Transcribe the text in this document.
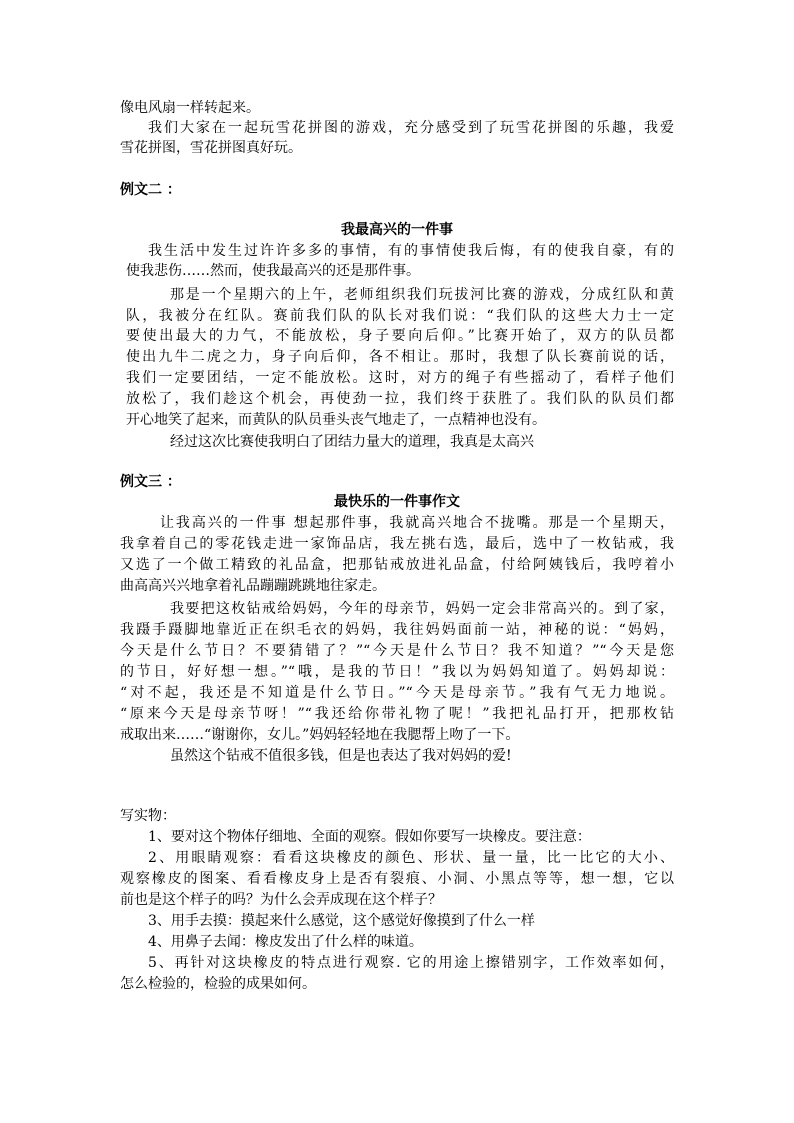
像电风扇一样转起来。
我们大家在一起玩雪花拼图的游戏，充分感受到了玩雪花拼图的乐趣，我爱
雪花拼图，雪花拼图真好玩。
例文二 ：
我最高兴的一件事
我生活中发生过许许多多的事情，有的事情使我后悔，有的使我自豪，有的
使我悲伤……然而，使我最高兴的还是那件事。
那是一个星期六的上午，老师组织我们玩拔河比赛的游戏，分成红队和黄
队，我被分在红队。赛前我们队的队长对我们说：“我们队的这些大力士一定
要使出最大的力气，不能放松，身子要向后仰。”比赛开始了，双方的队员都
使出九牛二虎之力，身子向后仰，各不相让。那时，我想了队长赛前说的话，
我们一定要团结，一定不能放松。这时，对方的绳子有些摇动了，看样子他们
放松了，我们趁这个机会，再使劲一拉，我们终于获胜了。我们队的队员们都
开心地笑了起来，而黄队的队员垂头丧气地走了，一点精神也没有。
经过这次比赛使我明白了团结力量大的道理，我真是太高兴
例文三 ：
最快乐的一件事作文
让我高兴的一件事 想起那件事，我就高兴地合不拢嘴。那是一个星期天，
我拿着自己的零花钱走进一家饰品店，我左挑右选，最后，选中了一枚钻戒，我
又选了一个做工精致的礼品盒，把那钻戒放进礼品盒，付给阿姨钱后，我哼着小
曲高高兴兴地拿着礼品蹦蹦跳跳地往家走。
我要把这枚钻戒给妈妈，今年的母亲节，妈妈一定会非常高兴的。到了家，
我蹑手蹑脚地靠近正在织毛衣的妈妈，我往妈妈面前一站，神秘的说：“妈妈，
今天是什么节日？不要猜错了？”“今天是什么节日？我不知道？”“今天是您
的节日，好好想一想。”“哦，是我的节日！”我以为妈妈知道了。妈妈却说：
“对不起，我还是不知道是什么节日。”“今天是母亲节。”我有气无力地说。
“原来今天是母亲节呀！”“我还给你带礼物了呢！”我把礼品打开，把那枚钻
戒取出来……“谢谢你，女儿。”妈妈轻轻地在我腮帮上吻了一下。
虽然这个钻戒不值很多钱，但是也表达了我对妈妈的爱!
写实物：
1、要对这个物体仔细地、全面的观察。假如你要写一块橡皮。要注意：
2、用眼睛观察：看看这块橡皮的颜色、形状、量一量，比一比它的大小、
观察橡皮的图案、看看橡皮身上是否有裂痕、小洞、小黑点等等，想一想，它以
前也是这个样子的吗？为什么会弄成现在这个样子？
3、用手去摸：摸起来什么感觉，这个感觉好像摸到了什么一样
4、用鼻子去闻：橡皮发出了什么样的味道。
5、再针对这块橡皮的特点进行观察. 它的用途上擦错别字，工作效率如何，
怎么检验的，检验的成果如何。
